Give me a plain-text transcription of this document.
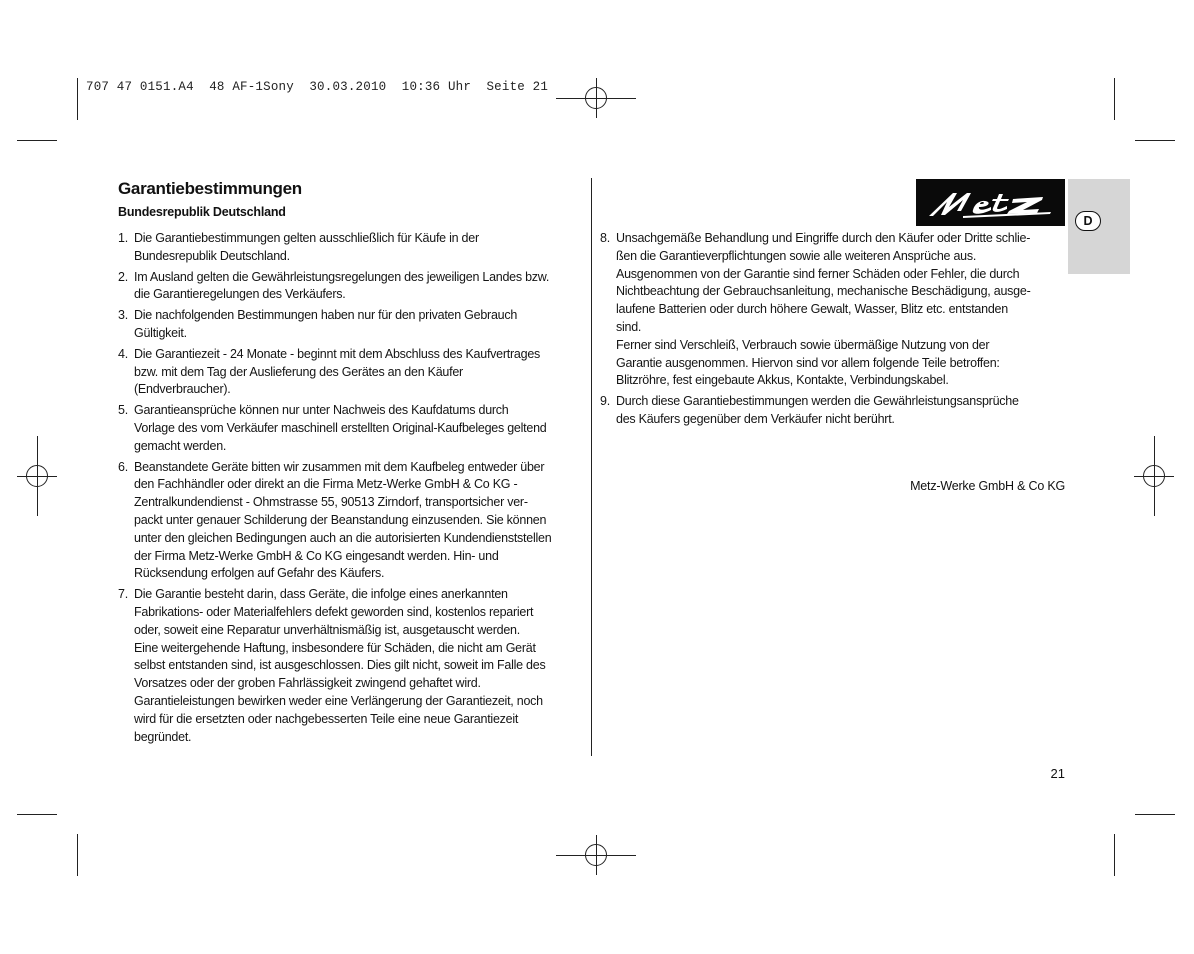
707 47 0151.A4  48 AF-1Sony  30.03.2010  10:36 Uhr  Seite 21
Garantiebestimmungen
Bundesrepublik Deutschland
1. Die Garantiebestimmungen gelten ausschließlich für Käufe in der
Bundesrepublik Deutschland.
2. Im Ausland gelten die Gewährleistungsregelungen des jeweiligen Landes bzw.
die Garantieregelungen des Verkäufers.
3. Die nachfolgenden Bestimmungen haben nur für den privaten Gebrauch
Gültigkeit.
4. Die Garantiezeit - 24 Monate - beginnt mit dem Abschluss des Kaufvertrages
bzw. mit dem Tag der Auslieferung des Gerätes an den Käufer
(Endverbraucher).
5. Garantieansprüche können nur unter Nachweis des Kaufdatums durch
Vorlage des vom Verkäufer maschinell erstellten Original-Kaufbeleges geltend
gemacht werden.
6. Beanstandete Geräte bitten wir zusammen mit dem Kaufbeleg entweder über
den Fachhändler oder direkt an die Firma Metz-Werke GmbH & Co KG -
Zentralkundendienst - Ohmstrasse 55, 90513 Zirndorf, transportsicher ver-
packt unter genauer Schilderung der Beanstandung einzusenden. Sie können
unter den gleichen Bedingungen auch an die autorisierten Kundendienststellen
der Firma Metz-Werke GmbH & Co KG eingesandt werden. Hin- und
Rücksendung erfolgen auf Gefahr des Käufers.
7. Die Garantie besteht darin, dass Geräte, die infolge eines anerkannten
Fabrikations- oder Materialfehlers defekt geworden sind, kostenlos repariert
oder, soweit eine Reparatur unverhältnismäßig ist, ausgetauscht werden.
Eine weitergehende Haftung, insbesondere für Schäden, die nicht am Gerät
selbst entstanden sind, ist ausgeschlossen. Dies gilt nicht, soweit im Falle des
Vorsatzes oder der groben Fahrlässigkeit zwingend gehaftet wird.
Garantieleistungen bewirken weder eine Verlängerung der Garantiezeit, noch
wird für die ersetzten oder nachgebesserten Teile eine neue Garantiezeit
begründet.
8. Unsachgemäße Behandlung und Eingriffe durch den Käufer oder Dritte schlie-
ßen die Garantieverpflichtungen sowie alle weiteren Ansprüche aus.
Ausgenommen von der Garantie sind ferner Schäden oder Fehler, die durch
Nichtbeachtung der Gebrauchsanleitung, mechanische Beschädigung, ausge-
laufene Batterien oder durch höhere Gewalt, Wasser, Blitz etc. entstanden
sind.
Ferner sind Verschleiß, Verbrauch sowie übermäßige Nutzung von der
Garantie ausgenommen. Hiervon sind vor allem folgende Teile betroffen:
Blitzröhre, fest eingebaute Akkus, Kontakte, Verbindungskabel.
9. Durch diese Garantiebestimmungen werden die Gewährleistungsansprüche
des Käufers gegenüber dem Verkäufer nicht berührt.
D
Metz-Werke GmbH & Co KG
21
